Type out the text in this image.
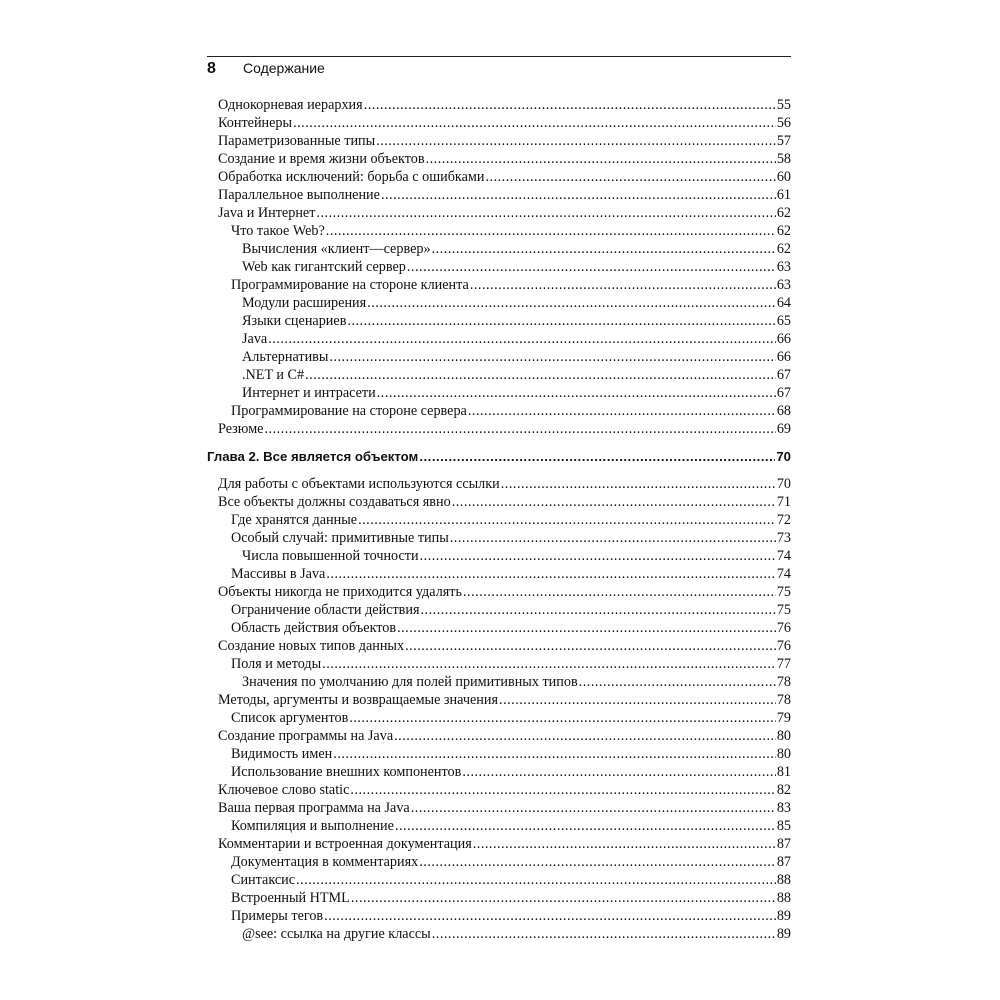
8	Содержание
Однокорневая иерархия .....	55
Контейнеры .....	56
Параметризованные типы .....	57
Создание и время жизни объектов .....	58
Обработка исключений: борьба с ошибками .....	60
Параллельное выполнение .....	61
Java и Интернет .....	62
Что такое Web? .....	62
Вычисления «клиент—сервер» .....	62
Web как гигантский сервер .....	63
Программирование на стороне клиента .....	63
Модули расширения .....	64
Языки сценариев .....	65
Java .....	66
Альтернативы .....	66
.NET и C# .....	67
Интернет и интрасети .....	67
Программирование на стороне сервера .....	68
Резюме .....	69
Глава 2. Все является объектом .....	70
Для работы с объектами используются ссылки .....	70
Все объекты должны создаваться явно .....	71
Где хранятся данные .....	72
Особый случай: примитивные типы .....	73
Числа повышенной точности .....	74
Массивы в Java .....	74
Объекты никогда не приходится удалять .....	75
Ограничение области действия .....	75
Область действия объектов .....	76
Создание новых типов данных .....	76
Поля и методы .....	77
Значения по умолчанию для полей примитивных типов .....	78
Методы, аргументы и возвращаемые значения .....	78
Список аргументов .....	79
Создание программы на Java .....	80
Видимость имен .....	80
Использование внешних компонентов .....	81
Ключевое слово static .....	82
Ваша первая программа на Java .....	83
Компиляция и выполнение .....	85
Комментарии и встроенная документация .....	87
Документация в комментариях .....	87
Синтаксис .....	88
Встроенный HTML .....	88
Примеры тегов .....	89
@see: ссылка на другие классы .....	89
